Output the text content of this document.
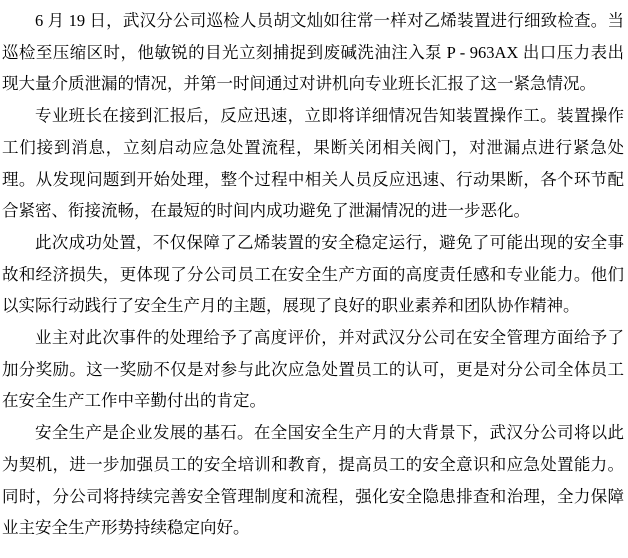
6 月 19 日，武汉分公司巡检人员胡文灿如往常一样对乙烯装置进行细致检查。当巡检至压缩区时，他敏锐的目光立刻捕捉到废碱洗油注入泵 P - 963AX 出口压力表出现大量介质泄漏的情况，并第一时间通过对讲机向专业班长汇报了这一紧急情况。

专业班长在接到汇报后，反应迅速，立即将详细情况告知装置操作工。装置操作工们接到消息，立刻启动应急处置流程，果断关闭相关阀门，对泄漏点进行紧急处理。从发现问题到开始处理，整个过程中相关人员反应迅速、行动果断，各个环节配合紧密、衔接流畅，在最短的时间内成功避免了泄漏情况的进一步恶化。

此次成功处置，不仅保障了乙烯装置的安全稳定运行，避免了可能出现的安全事故和经济损失，更体现了分公司员工在安全生产方面的高度责任感和专业能力。他们以实际行动践行了安全生产月的主题，展现了良好的职业素养和团队协作精神。

业主对此次事件的处理给予了高度评价，并对武汉分公司在安全管理方面给予了加分奖励。这一奖励不仅是对参与此次应急处置员工的认可，更是对分公司全体员工在安全生产工作中辛勤付出的肯定。

安全生产是企业发展的基石。在全国安全生产月的大背景下，武汉分公司将以此为契机，进一步加强员工的安全培训和教育，提高员工的安全意识和应急处置能力。同时，分公司将持续完善安全管理制度和流程，强化安全隐患排查和治理，全力保障业主安全生产形势持续稳定向好。
